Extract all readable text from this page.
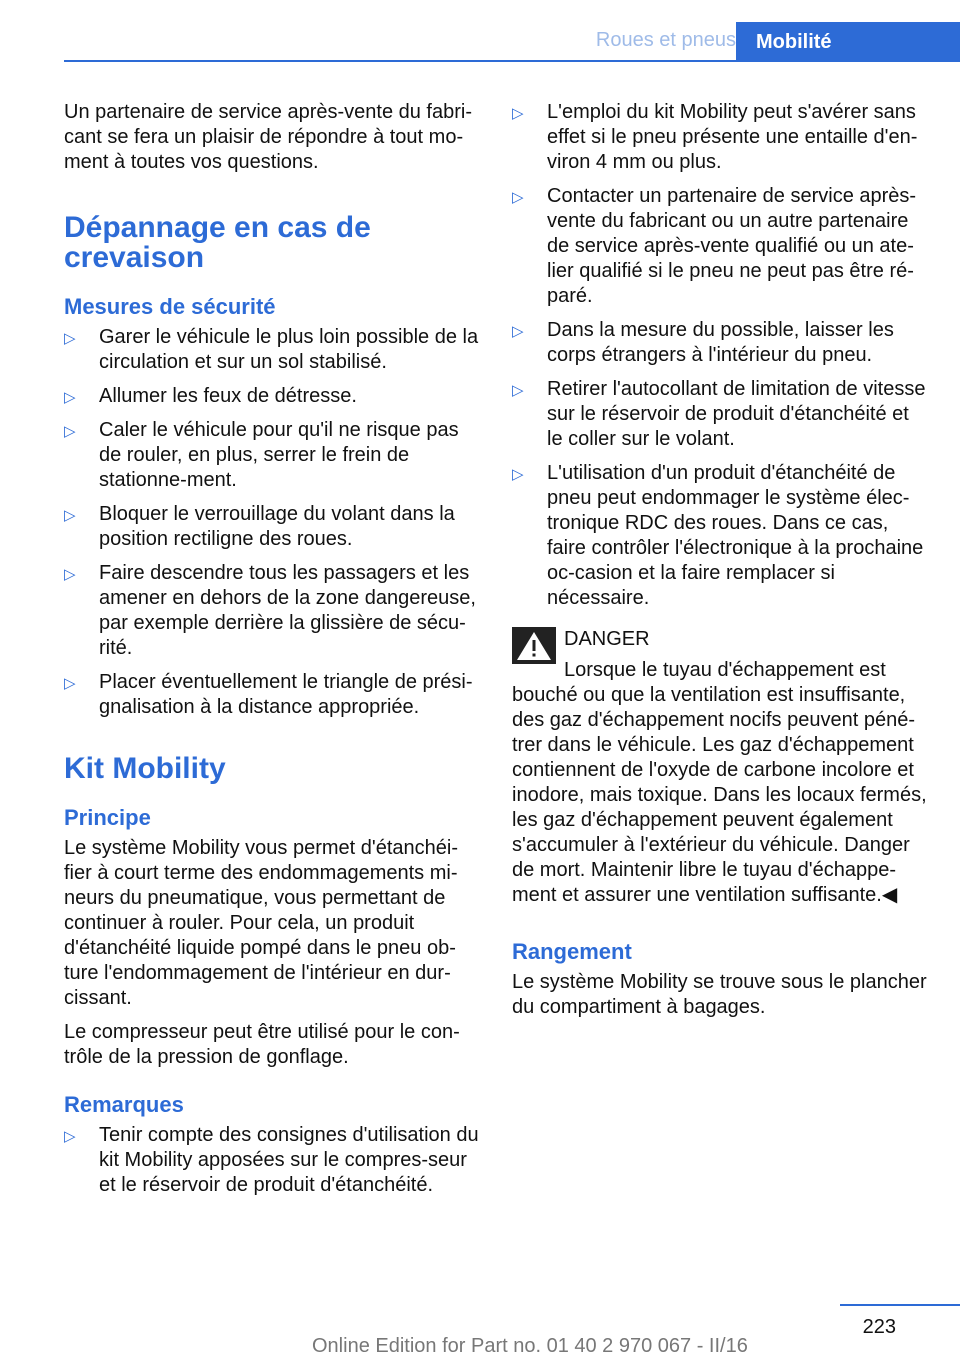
Roues et pneus	Mobilité

Un partenaire de service après-vente du fabri‐cant se fera un plaisir de répondre à tout mo‐ment à toutes vos questions.

Dépannage en cas de crevaison
Mesures de sécurité
▷ Garer le véhicule le plus loin possible de la circulation et sur un sol stabilisé.
▷ Allumer les feux de détresse.
▷ Caler le véhicule pour qu'il ne risque pas de rouler, en plus, serrer le frein de stationne‐ment.
▷ Bloquer le verrouillage du volant dans la position rectiligne des roues.
▷ Faire descendre tous les passagers et les amener en dehors de la zone dangereuse, par exemple derrière la glissière de sécu‐rité.
▷ Placer éventuellement le triangle de prési‐gnalisation à la distance appropriée.
Kit Mobility
Principe

Le système Mobility vous permet d'étanchéi‐fier à court terme des endommagements mi‐neurs du pneumatique, vous permettant de continuer à rouler. Pour cela, un produit d'étanchéité liquide pompé dans le pneu ob‐ture l'endommagement de l'intérieur en dur‐cissant.

Le compresseur peut être utilisé pour le con‐trôle de la pression de gonflage.

Remarques
▷ Tenir compte des consignes d'utilisation du kit Mobility apposées sur le compres‐seur et le réservoir de produit d'étanchéité.
▷ L'emploi du kit Mobility peut s'avérer sans effet si le pneu présente une entaille d'en‐viron 4 mm ou plus.
▷ Contacter un partenaire de service après-vente du fabricant ou un autre partenaire de service après-vente qualifié ou un ate‐lier qualifié si le pneu ne peut pas être ré‐paré.
▷ Dans la mesure du possible, laisser les corps étrangers à l'intérieur du pneu.
▷ Retirer l'autocollant de limitation de vitesse sur le réservoir de produit d'étanchéité et le coller sur le volant.
▷ L'utilisation d'un produit d'étanchéité de pneu peut endommager le système élec‐tronique RDC des roues. Dans ce cas, faire contrôler l'électronique à la prochaine oc‐casion et la faire remplacer si nécessaire.
DANGER
Lorsque le tuyau d'échappement est bouché ou que la ventilation est insuffisante, des gaz d'échappement nocifs peuvent péné‐trer dans le véhicule. Les gaz d'échappement contiennent de l'oxyde de carbone incolore et inodore, mais toxique. Dans les locaux fermés, les gaz d'échappement peuvent également s'accumuler à l'extérieur du véhicule. Danger de mort. Maintenir libre le tuyau d'échappe‐ment et assurer une ventilation suffisante.◀
Rangement

Le système Mobility se trouve sous le plancher du compartiment à bagages.

223
Online Edition for Part no. 01 40 2 970 067 - II/16
